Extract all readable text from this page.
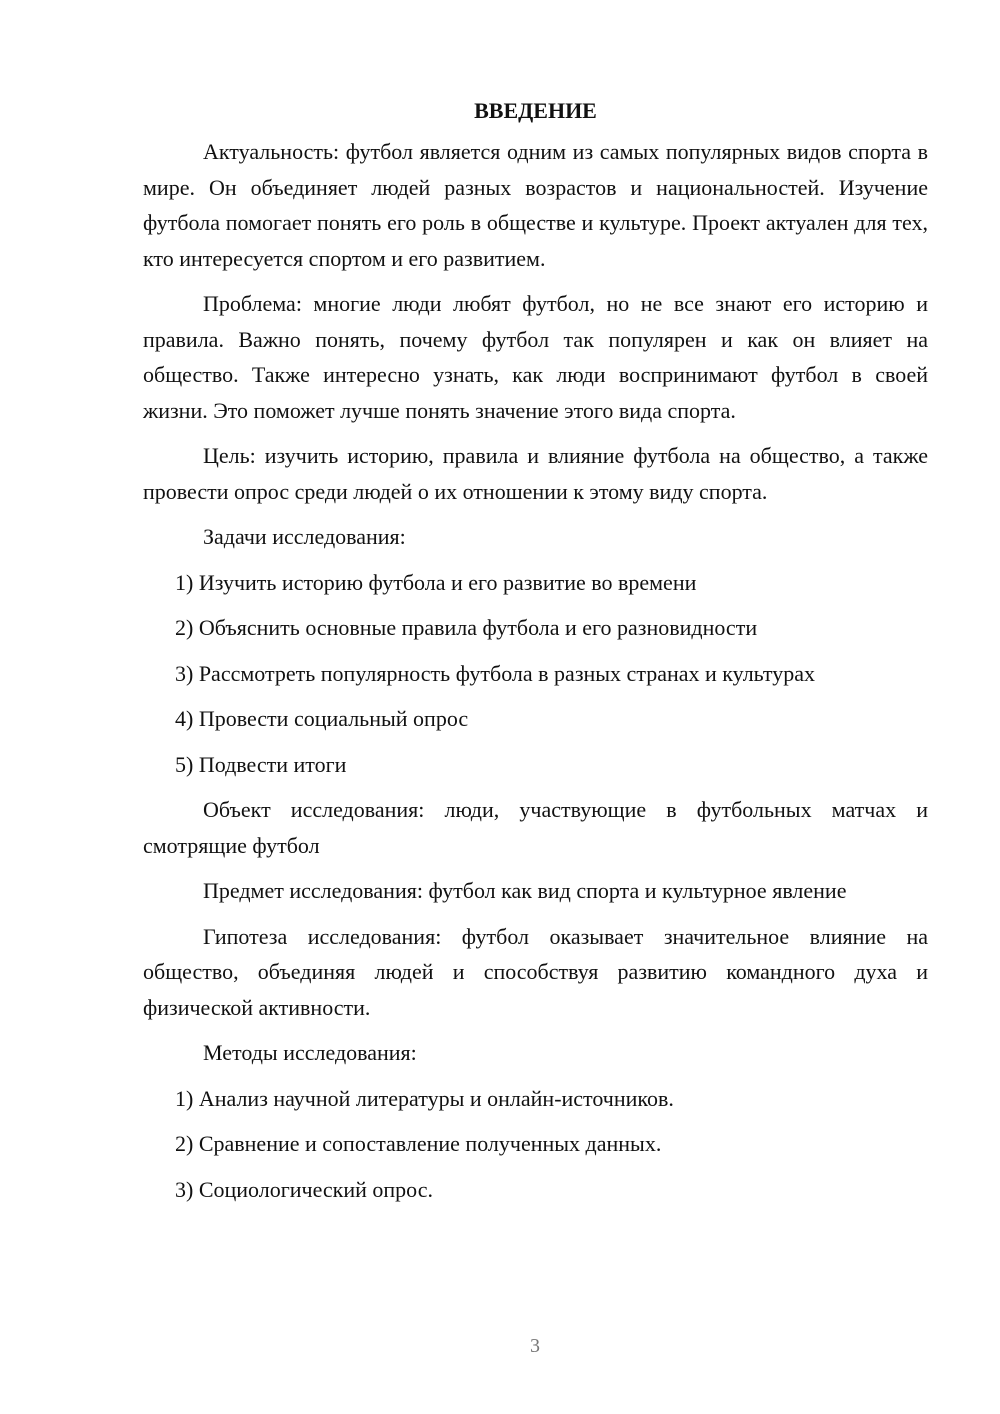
ВВЕДЕНИЕ

Актуальность: футбол является одним из самых популярных видов спорта в мире. Он объединяет людей разных возрастов и национальностей. Изучение футбола помогает понять его роль в обществе и культуре. Проект актуален для тех, кто интересуется спортом и его развитием.

Проблема: многие люди любят футбол, но не все знают его историю и правила. Важно понять, почему футбол так популярен и как он влияет на общество. Также интересно узнать, как люди воспринимают футбол в своей жизни. Это поможет лучше понять значение этого вида спорта.

Цель: изучить историю, правила и влияние футбола на общество, а также провести опрос среди людей о их отношении к этому виду спорта.

Задачи исследования:

1) Изучить историю футбола и его развитие во времени
2) Объяснить основные правила футбола и его разновидности
3) Рассмотреть популярность футбола в разных странах и культурах
4) Провести социальный опрос
5) Подвести итоги

Объект исследования: люди, участвующие в футбольных матчах и смотрящие футбол

Предмет исследования: футбол как вид спорта и культурное явление

Гипотеза исследования: футбол оказывает значительное влияние на общество, объединяя людей и способствуя развитию командного духа и физической активности.

Методы исследования:

1) Анализ научной литературы и онлайн-источников.
2) Сравнение и сопоставление полученных данных.
3) Социологический опрос.
3
